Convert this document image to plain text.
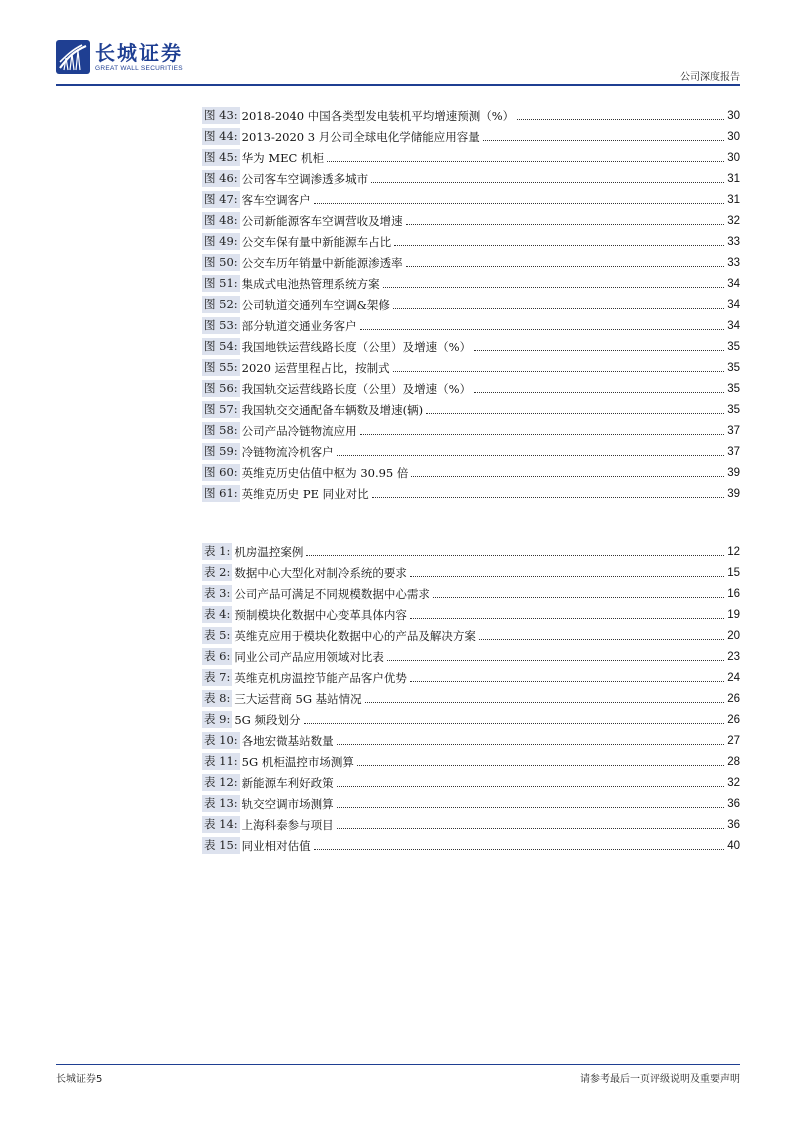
长城证券
GREAT WALL SECURITIES
公司深度报告
图 43: 2018-2040 中国各类型发电装机平均增速预测（%）	30
图 44: 2013-2020 3 月公司全球电化学储能应用容量	30
图 45: 华为 MEC 机柜	30
图 46: 公司客车空调渗透多城市	31
图 47: 客车空调客户	31
图 48: 公司新能源客车空调营收及增速	32
图 49: 公交车保有量中新能源车占比	33
图 50: 公交车历年销量中新能源渗透率	33
图 51: 集成式电池热管理系统方案	34
图 52: 公司轨道交通列车空调&架修	34
图 53: 部分轨道交通业务客户	34
图 54: 我国地铁运营线路长度（公里）及增速（%）	35
图 55: 2020 运营里程占比，按制式	35
图 56: 我国轨交运营线路长度（公里）及增速（%）	35
图 57: 我国轨交交通配备车辆数及增速(辆)	35
图 58: 公司产品冷链物流应用	37
图 59: 冷链物流冷机客户	37
图 60: 英维克历史估值中枢为 30.95 倍	39
图 61: 英维克历史 PE 同业对比	39
表 1: 机房温控案例	12
表 2: 数据中心大型化对制冷系统的要求	15
表 3: 公司产品可满足不同规模数据中心需求	16
表 4: 预制模块化数据中心变革具体内容	19
表 5: 英维克应用于模块化数据中心的产品及解决方案	20
表 6: 同业公司产品应用领域对比表	23
表 7: 英维克机房温控节能产品客户优势	24
表 8: 三大运营商 5G 基站情况	26
表 9: 5G 频段划分	26
表 10: 各地宏微基站数量	27
表 11: 5G 机柜温控市场测算	28
表 12: 新能源车利好政策	32
表 13: 轨交空调市场测算	36
表 14: 上海科泰参与项目	36
表 15: 同业相对估值	40
长城证券5	请参考最后一页评级说明及重要声明
